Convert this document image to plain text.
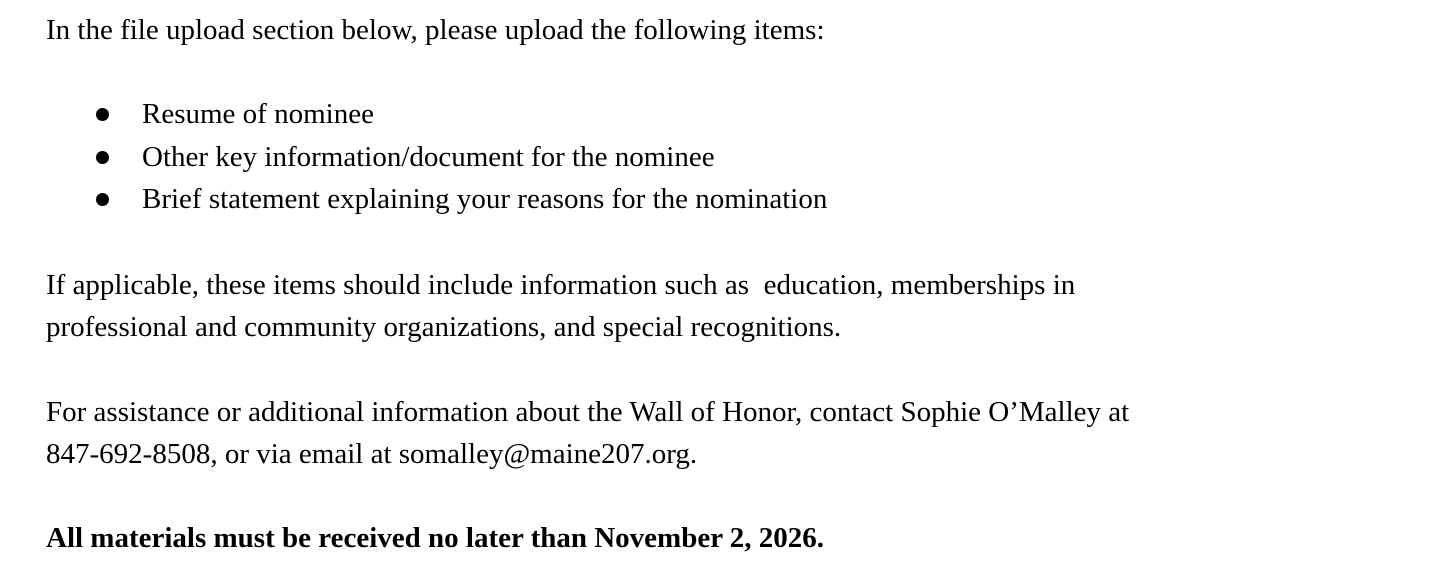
In the file upload section below, please upload the following items:
Resume of nominee
Other key information/document for the nominee
Brief statement explaining your reasons for the nomination
If applicable, these items should include information such as  education, memberships in
professional and community organizations, and special recognitions.
For assistance or additional information about the Wall of Honor, contact Sophie O’Malley at
847-692-8508, or via email at somalley@maine207.org.
All materials must be received no later than November 2, 2026.
